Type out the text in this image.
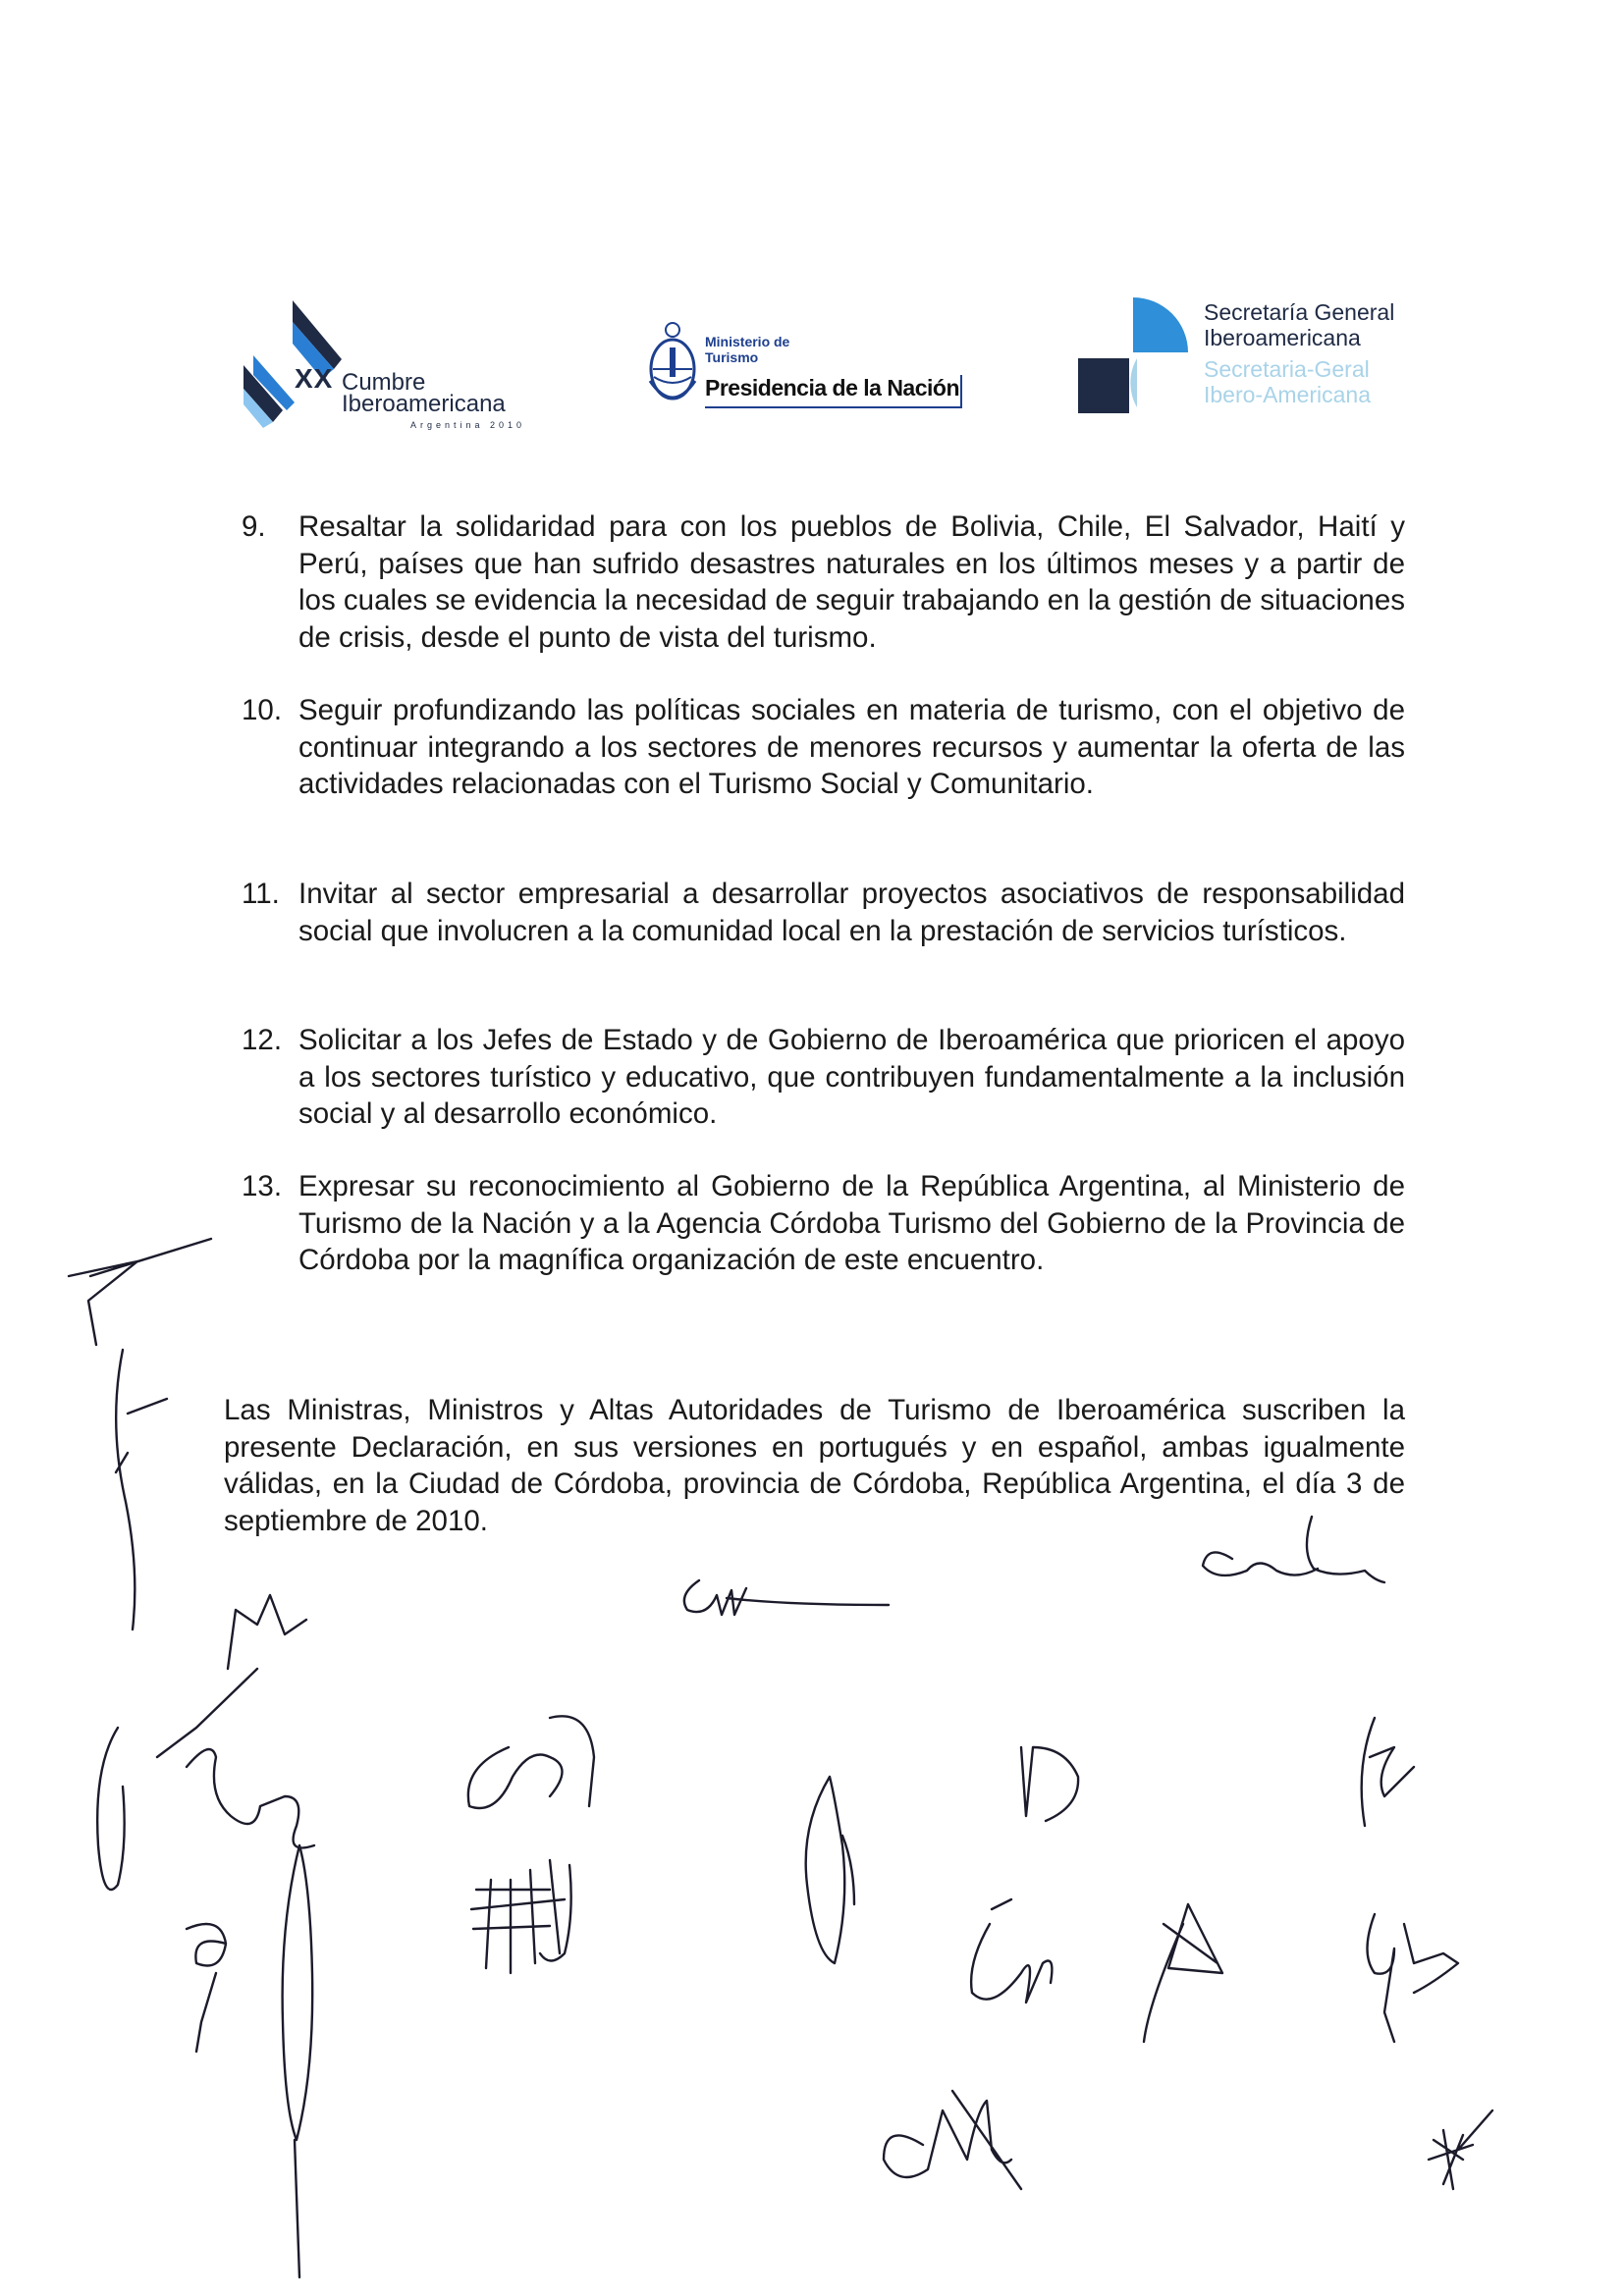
XX Cumbre
Iberoamericana
Argentina 2010
Ministerio de
Turismo
Presidencia de la Nación
Secretaría General
Iberoamericana
Secretaria-Geral
Ibero-Americana
9. Resaltar la solidaridad para con los pueblos de Bolivia, Chile, El Salvador, Haití y Perú, países que han sufrido desastres naturales en los últimos meses y a partir de los cuales se evidencia la necesidad de seguir trabajando en la gestión de situaciones de crisis, desde el punto de vista del turismo.
10. Seguir profundizando las políticas sociales en materia de turismo, con el objetivo de continuar integrando a los sectores de menores recursos y aumentar la oferta de las actividades relacionadas con el Turismo Social y Comunitario.
11. Invitar al sector empresarial a desarrollar proyectos asociativos de responsabilidad social que involucren a la comunidad local en la prestación de servicios turísticos.
12. Solicitar a los Jefes de Estado y de Gobierno de Iberoamérica que prioricen el apoyo a los sectores turístico y educativo, que contribuyen fundamentalmente a la inclusión social y al desarrollo económico.
13. Expresar su reconocimiento al Gobierno de la República Argentina, al Ministerio de Turismo de la Nación y a la Agencia Córdoba Turismo del Gobierno de la Provincia de Córdoba por la magnífica organización de este encuentro.
Las Ministras, Ministros y Altas Autoridades de Turismo de Iberoamérica suscriben la presente Declaración, en sus versiones en portugués y en español, ambas igualmente válidas, en la Ciudad de Córdoba, provincia de Córdoba, República Argentina, el día 3 de septiembre de 2010.
